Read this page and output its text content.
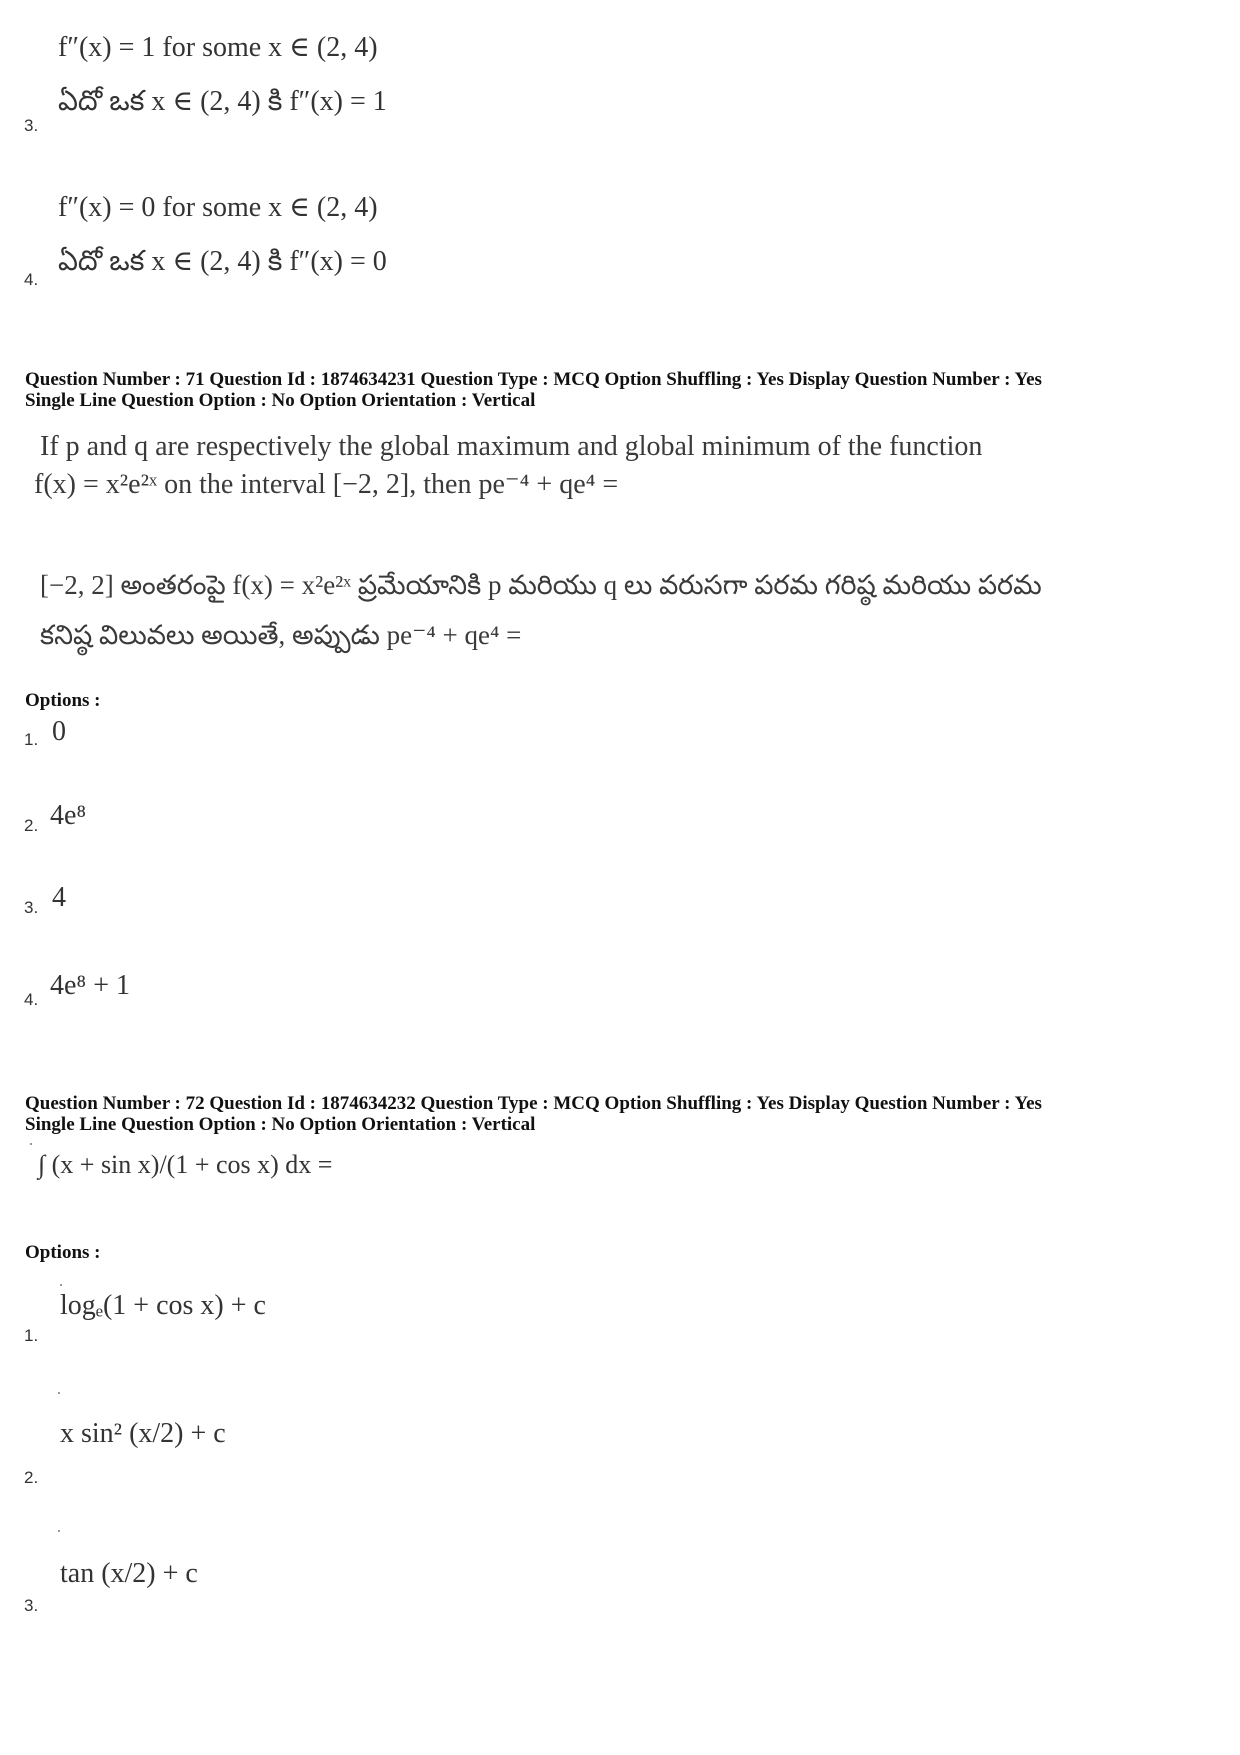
f″(x) = 1 for some x ∈ (2, 4)
ఏదో ఒక x ∈ (2, 4) కి f″(x) = 1
3.
f″(x) = 0 for some x ∈ (2, 4)
ఏదో ఒక x ∈ (2, 4) కి f″(x) = 0
4.
Question Number : 71 Question Id : 1874634231 Question Type : MCQ Option Shuffling : Yes Display Question Number : Yes
Single Line Question Option : No Option Orientation : Vertical
If p and q are respectively the global maximum and global minimum of the function
f(x) = x²e²ˣ on the interval [−2, 2], then pe⁻⁴ + qe⁴ =
[−2, 2] అంతరంపై f(x) = x²e²ˣ ప్రమేయానికి p మరియు q లు వరుసగా పరమ గరిష్ఠ మరియు పరమ
కనిష్ఠ విలువలు అయితే, అప్పుడు pe⁻⁴ + qe⁴ =
Options :
1. 0
2. 4e⁸
3. 4
4. 4e⁸ + 1
Question Number : 72 Question Id : 1874634232 Question Type : MCQ Option Shuffling : Yes Display Question Number : Yes
Single Line Question Option : No Option Orientation : Vertical
∫ (x + sin x)/(1 + cos x) dx =
Options :
logₑ(1 + cos x) + c
1.
x sin² (x/2) + c
2.
tan (x/2) + c
3.
